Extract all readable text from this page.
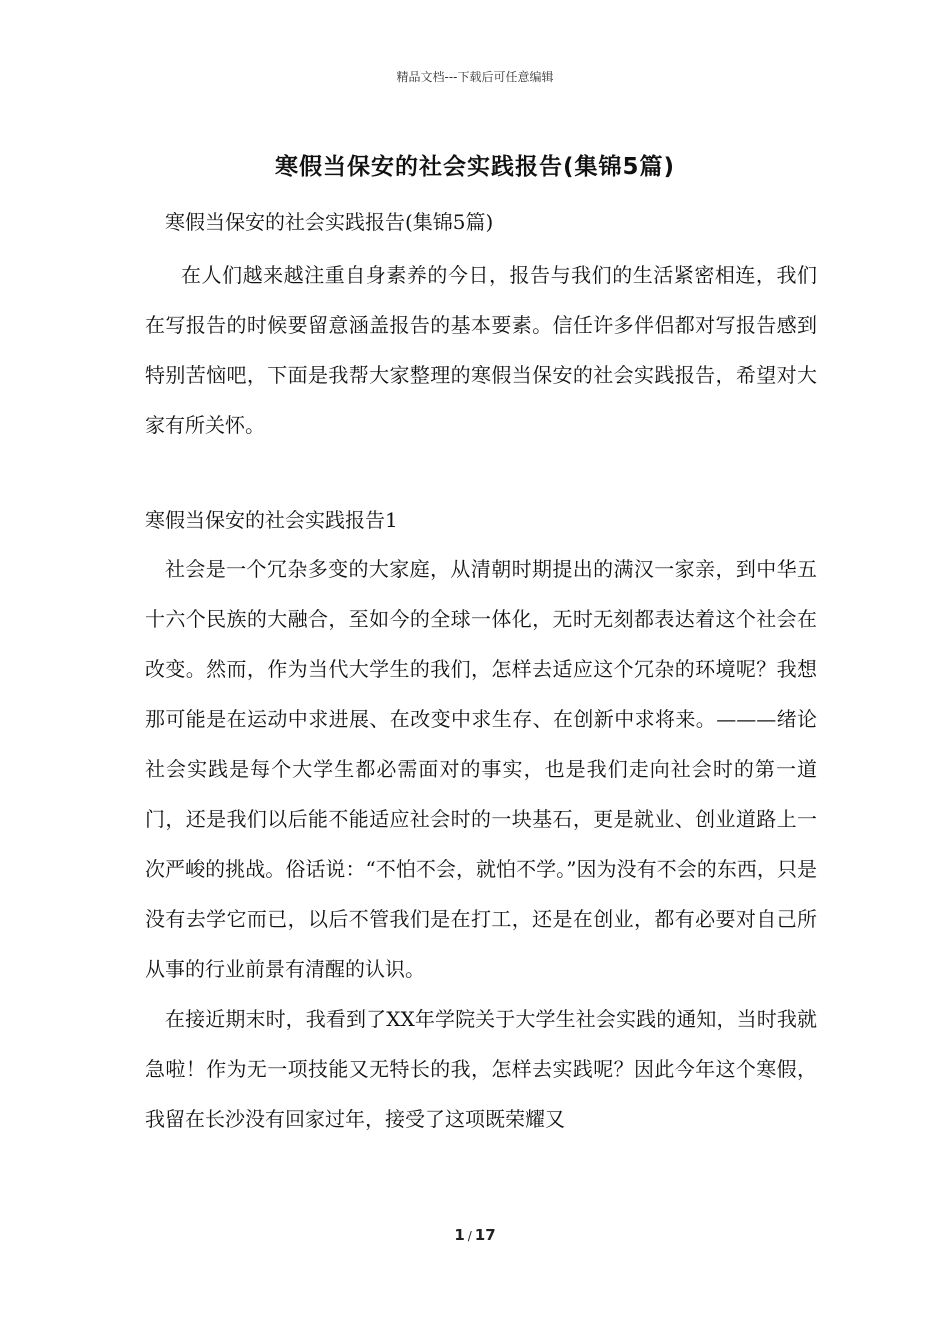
精品文档---下载后可任意编辑
寒假当保安的社会实践报告(集锦5篇)

寒假当保安的社会实践报告(集锦5篇)

在人们越来越注重自身素养的今日，报告与我们的生活紧密相连，我们在写报告的时候要留意涵盖报告的基本要素。信任许多伴侣都对写报告感到特别苦恼吧，下面是我帮大家整理的寒假当保安的社会实践报告，希望对大家有所关怀。

寒假当保安的社会实践报告1

社会是一个冗杂多变的大家庭，从清朝时期提出的满汉一家亲，到中华五十六个民族的大融合，至如今的全球一体化，无时无刻都表达着这个社会在改变。然而，作为当代大学生的我们，怎样去适应这个冗杂的环境呢？我想那可能是在运动中求进展、在改变中求生存、在创新中求将来。———绪论社会实践是每个大学生都必需面对的事实，也是我们走向社会时的第一道门，还是我们以后能不能适应社会时的一块基石，更是就业、创业道路上一次严峻的挑战。俗话说：“不怕不会，就怕不学。”因为没有不会的东西，只是没有去学它而已，以后不管我们是在打工，还是在创业，都有必要对自己所从事的行业前景有清醒的认识。

在接近期末时，我看到了XX年学院关于大学生社会实践的通知，当时我就急啦！作为无一项技能又无特长的我，怎样去实践呢？因此今年这个寒假，我留在长沙没有回家过年，接受了这项既荣耀又

1 / 17
